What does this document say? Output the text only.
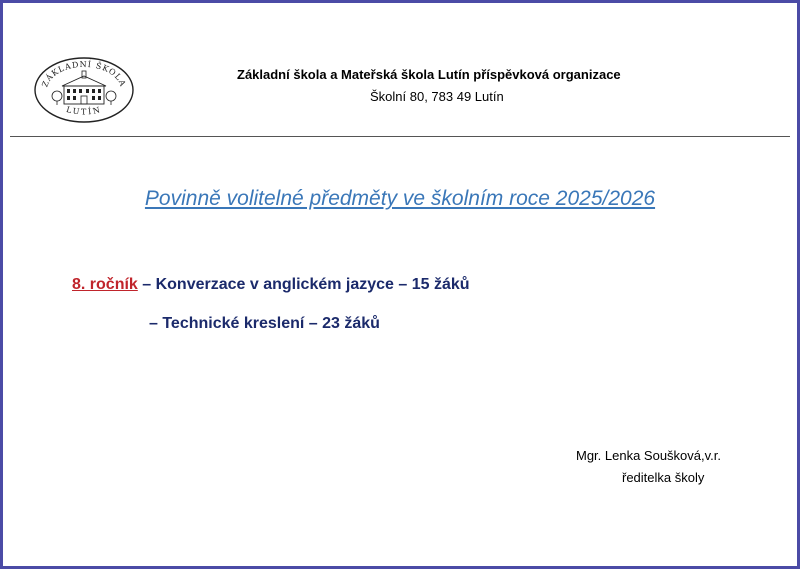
ZÁKLADNÍ ŠKOLA
LUTÍN
Základní škola a Mateřská škola Lutín příspěvková organizace
Školní 80, 783 49 Lutín
Povinně volitelné předměty ve školním roce 2025/2026
8. ročník – Konverzace v anglickém jazyce – 15 žáků
– Technické kreslení – 23 žáků
Mgr. Lenka Soušková,v.r.
ředitelka školy
